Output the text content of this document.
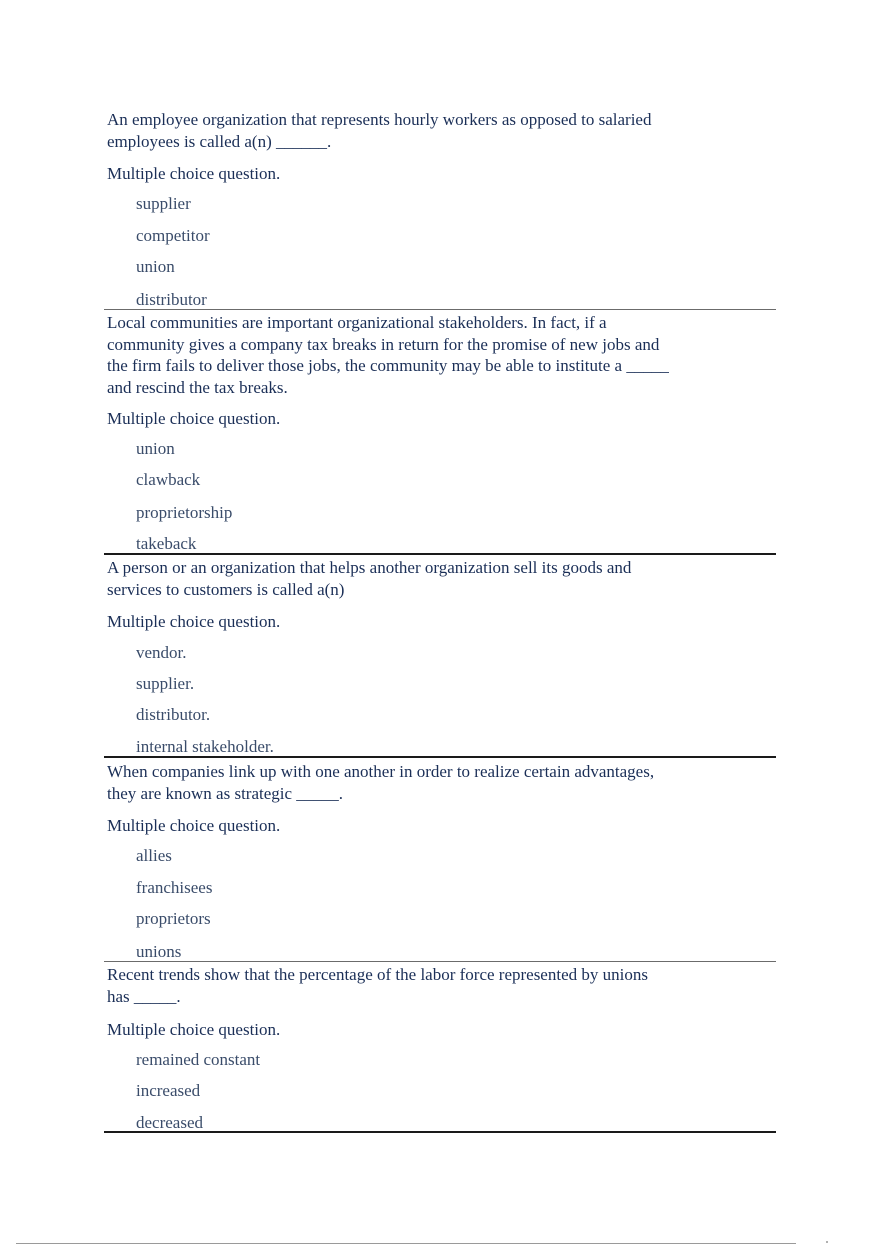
An employee organization that represents hourly workers as opposed to salaried
employees is called a(n) ______.
Multiple choice question.
supplier
competitor
union
distributor
Local communities are important organizational stakeholders. In fact, if a
community gives a company tax breaks in return for the promise of new jobs and
the firm fails to deliver those jobs, the community may be able to institute a _____
and rescind the tax breaks.
Multiple choice question.
union
clawback
proprietorship
takeback
A person or an organization that helps another organization sell its goods and
services to customers is called a(n)
Multiple choice question.
vendor.
supplier.
distributor.
internal stakeholder.
When companies link up with one another in order to realize certain advantages,
they are known as strategic _____.
Multiple choice question.
allies
franchisees
proprietors
unions
Recent trends show that the percentage of the labor force represented by unions
has _____.
Multiple choice question.
remained constant
increased
decreased
